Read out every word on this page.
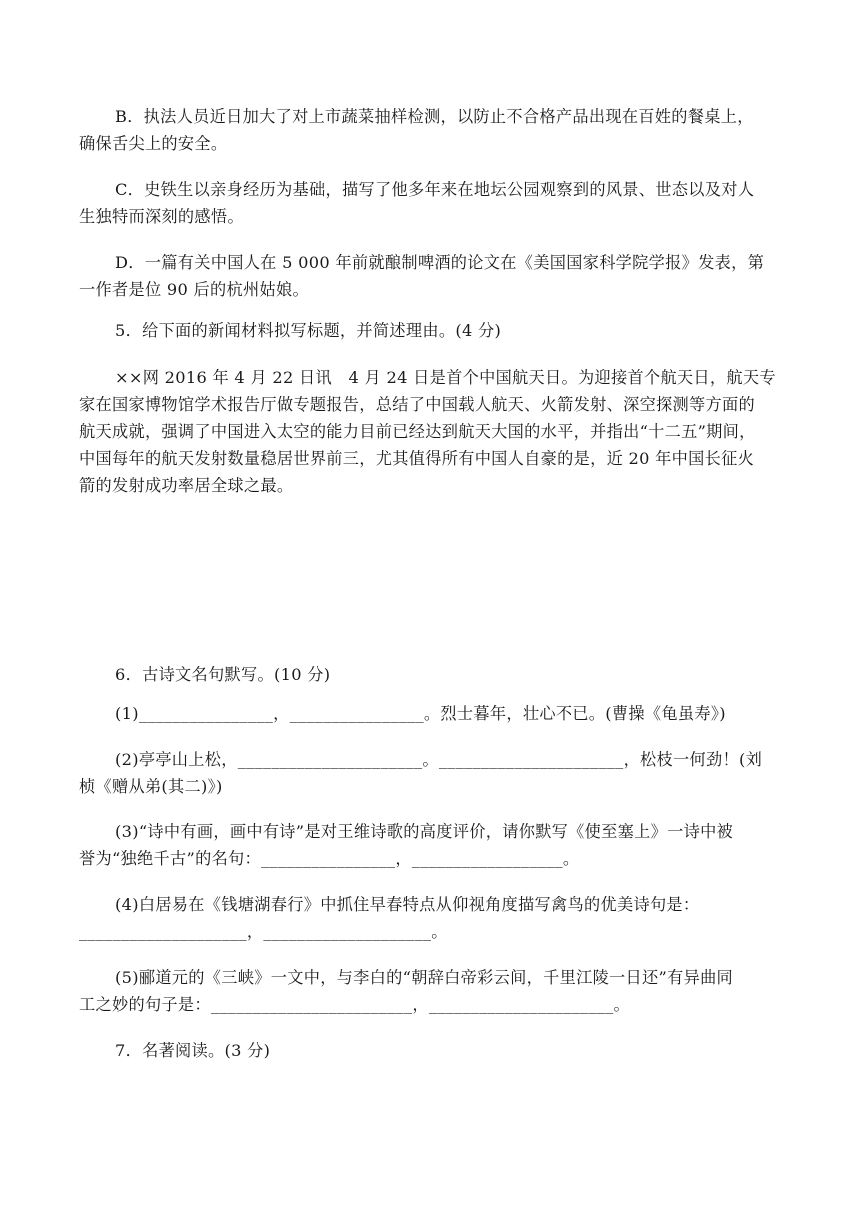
B．执法人员近日加大了对上市蔬菜抽样检测，以防止不合格产品出现在百姓的餐桌上，
确保舌尖上的安全。
C．史铁生以亲身经历为基础，描写了他多年来在地坛公园观察到的风景、世态以及对人
生独特而深刻的感悟。
D．一篇有关中国人在 5 000 年前就酿制啤酒的论文在《美国国家科学院学报》发表，第
一作者是位 90 后的杭州姑娘。
5．给下面的新闻材料拟写标题，并简述理由。(4 分)
××网 2016 年 4 月 22 日讯　4 月 24 日是首个中国航天日。为迎接首个航天日，航天专
家在国家博物馆学术报告厅做专题报告，总结了中国载人航天、火箭发射、深空探测等方面的
航天成就，强调了中国进入太空的能力目前已经达到航天大国的水平，并指出“十二五”期间，
中国每年的航天发射数量稳居世界前三，尤其值得所有中国人自豪的是，近 20 年中国长征火
箭的发射成功率居全球之最。
6．古诗文名句默写。(10 分)
(1)________________，________________。烈士暮年，壮心不已。(曹操《龟虽寿》)
(2)亭亭山上松，______________________。______________________，松枝一何劲！(刘
桢《赠从弟(其二)》)
(3)“诗中有画，画中有诗”是对王维诗歌的高度评价，请你默写《使至塞上》一诗中被
誉为“独绝千古”的名句：________________，__________________。
(4)白居易在《钱塘湖春行》中抓住早春特点从仰视角度描写禽鸟的优美诗句是：
____________________，____________________。
(5)郦道元的《三峡》一文中，与李白的“朝辞白帝彩云间，千里江陵一日还”有异曲同
工之妙的句子是：________________________，______________________。
7．名著阅读。(3 分)
